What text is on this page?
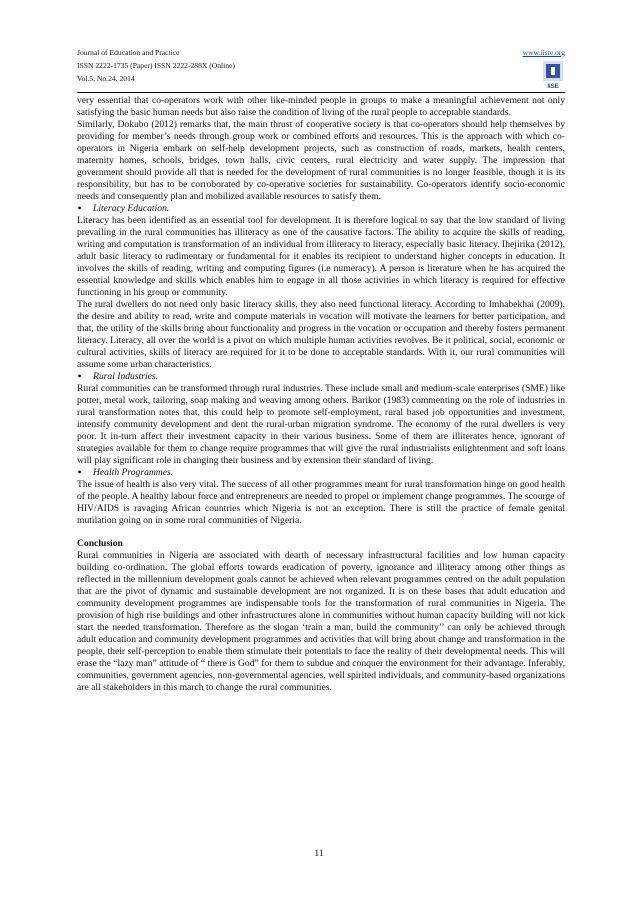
Journal of Education and Practice
ISSN 2222-1735 (Paper) ISSN 2222-288X (Online)
Vol.5, No.24, 2014
www.iiste.org
IISE

very essential that co-operators work with other like-minded people in groups to make a meaningful achievement not only satisfying the basic human needs but also raise the condition of living of the rural people to acceptable standards.

Similarly, Dokubo (2012) remarks that, the main thrust of cooperative society is that co-operators should help themselves by providing for member’s needs through group work or combined efforts and resources. This is the approach with which co-operators in Nigeria embark on self-help development projects, such as construction of roads, markets, health centers, maternity homes, schools, bridges, town halls, civic centers, rural electricity and water supply. The impression that government should provide all that is needed for the development of rural communities is no longer feasible, though it is its responsibility, but has to be corroborated by co-operative societies for sustainability. Co-operators identify socio-economic needs and consequently plan and mobilized available resources to satisfy them.

•	Literacy Education.

Literacy has been identified as an essential tool for development. It is therefore logical to say that the low standard of living prevailing in the rural communities has illiteracy as one of the causative factors. The ability to acquire the skills of reading, writing and computation is transformation of an individual from illiteracy to literacy, especially basic literacy. Ihejirika (2012), adult basic literacy to rudimentary or fundamental for it enables its recipient to understand higher concepts in education. It involves the skills of reading, writing and computing figures (i.e numeracy). A person is literature when he has acquired the essential knowledge and skills which enables him to engage in all those activities in which literacy is required for effective functioning in his group or community.

The rural dwellers do not need only basic literacy skills, they also need functional literacy. According to Imhabekhai (2009), the desire and ability to read, write and compute materials in vocation will motivate the learners for better participation, and that, the utility of the skills bring about functionality and progress in the vocation or occupation and thereby fosters permanent literacy. Literacy, all over the world is a pivot on which multiple human activities revolves. Be it political, social, economic or cultural activities, skills of literacy are required for it to be done to acceptable standards. With it, our rural communities will assume some urban characteristics.

•	Rural Industries.

Rural communities can be transformed through rural industries. These include small and medium-scale enterprises (SME) like potter, metal work, tailoring, soap making and weaving among others. Barikor (1983) commenting on the role of industries in rural transformation notes that, this could help to promote self-employment, rural based job opportunities and investment, intensify community development and dent the rural-urban migration syndrome. The economy of the rural dwellers is very poor. It in-turn affect their investment capacity in their various business. Some of them are illiterates hence, ignorant of strategies available for them to change require programmes that will give the rural industrialists enlightenment and soft loans will play significant role in changing their business and by extension their standard of living.

•	Health Programmes.

The issue of health is also very vital. The success of all other programmes meant for rural transformation hinge on good health of the people. A healthy labour force and entrepreneurs are needed to propel or implement change programmes. The scourge of HIV/AIDS is ravaging African countries which Nigeria is not an exception. There is still the practice of female genital mutilation going on in some rural communities of Nigeria.

Conclusion

Rural communities in Nigeria are associated with dearth of necessary infrastructural facilities and low human capacity building co-ordination. The global efforts towards eradication of poverty, ignorance and illiteracy among other things as reflected in the millennium development goals cannot be achieved when relevant programmes centred on the adult population that are the pivot of dynamic and sustainable development are not organized. It is on these bases that adult education and community development programmes are indispensable tools for the transformation of rural communities in Nigeria. The provision of high rise buildings and other infrastructures alone in communities without human capacity building will not kick start the needed transformation. Therefore as the slogan ‘train a man, build the community’’ can only be achieved through adult education and community development programmes and activities that will bring about change and transformation in the people, their self-perception to enable them stimulate their potentials to face the reality of their developmental needs. This will erase the “lazy man” attitude of “ there is God” for them to subdue and conquer the environment for their advantage. Inferably, communities, government agencies, non-governmental agencies, well spirited individuals, and community-based organizations are all stakeholders in this march to change the rural communities.

11
